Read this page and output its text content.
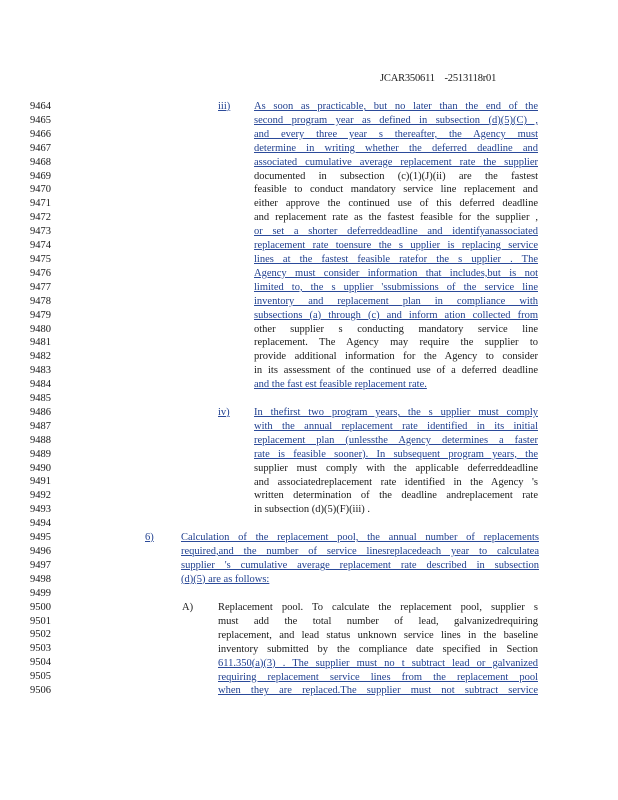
JCAR350611 -2513118r01
9464
9465
9466
9467
9468
9469
9470
9471
9472
9473
9474
9475
9476
9477
9478
9479
9480
9481
9482
9483
9484
9485
9486
9487
9488
9489
9490
9491
9492
9493
9494
9495
9496
9497
9498
9499
9500
9501
9502
9503
9504
9505
9506
iii) As soon as practicable, but no later than the end of the
second program year as defined in subsection (d)(5)(C) ,
and every three year s thereafter, the Agency must
determine in writing whether the deferred deadline and
associated cumulative average replacement rate the supplier
documented in subsection (c)(1)(J)(ii) are the fastest
feasible to conduct mandatory service line replacement and
either approve the continued use of this deferred deadline
and replacement rate as the fastest feasible for the supplier ,
or set a shorter deferreddeadline and identifyanassociated
replacement rate toensure the s upplier is replacing service
lines at the fastest feasible ratefor the s upplier . The
Agency must consider information that includes,but is not
limited to, the s upplier 'ssubmissions of the service line
inventory and replacement plan in compliance with
subsections (a) through (c) and inform ation collected from
other supplier s conducting mandatory service line
replacement. The Agency may require the supplier to
provide additional information for the Agency to consider
in its assessment of the continued use of a deferred deadline
and the fast est feasible replacement rate.
iv) In thefirst two program years, the s upplier must comply
with the annual replacement rate identified in its initial
replacement plan (unlessthe Agency determines a faster
rate is feasible sooner). In subsequent program years, the
supplier must comply with the applicable deferreddeadline
and associatedreplacement rate identified in the Agency 's
written determination of the deadline andreplacement rate
in subsection (d)(5)(F)(iii) .
6)	Calculation of the replacement pool, the annual number of replacements
required,and the number of service linesreplacedeach year to calculatea
supplier 's cumulative average replacement rate described in subsection
(d)(5) are as follows:
A) Replacement pool. To calculate the replacement pool, supplier s
must add the total number of lead, galvanizedrequiring
replacement, and lead status unknown service lines in the baseline
inventory submitted by the compliance date specified in Section
611.350(a)(3) . The supplier must no t subtract lead or galvanized
requiring replacement service lines from the replacement pool
when they are replaced.The supplier must not subtract service
